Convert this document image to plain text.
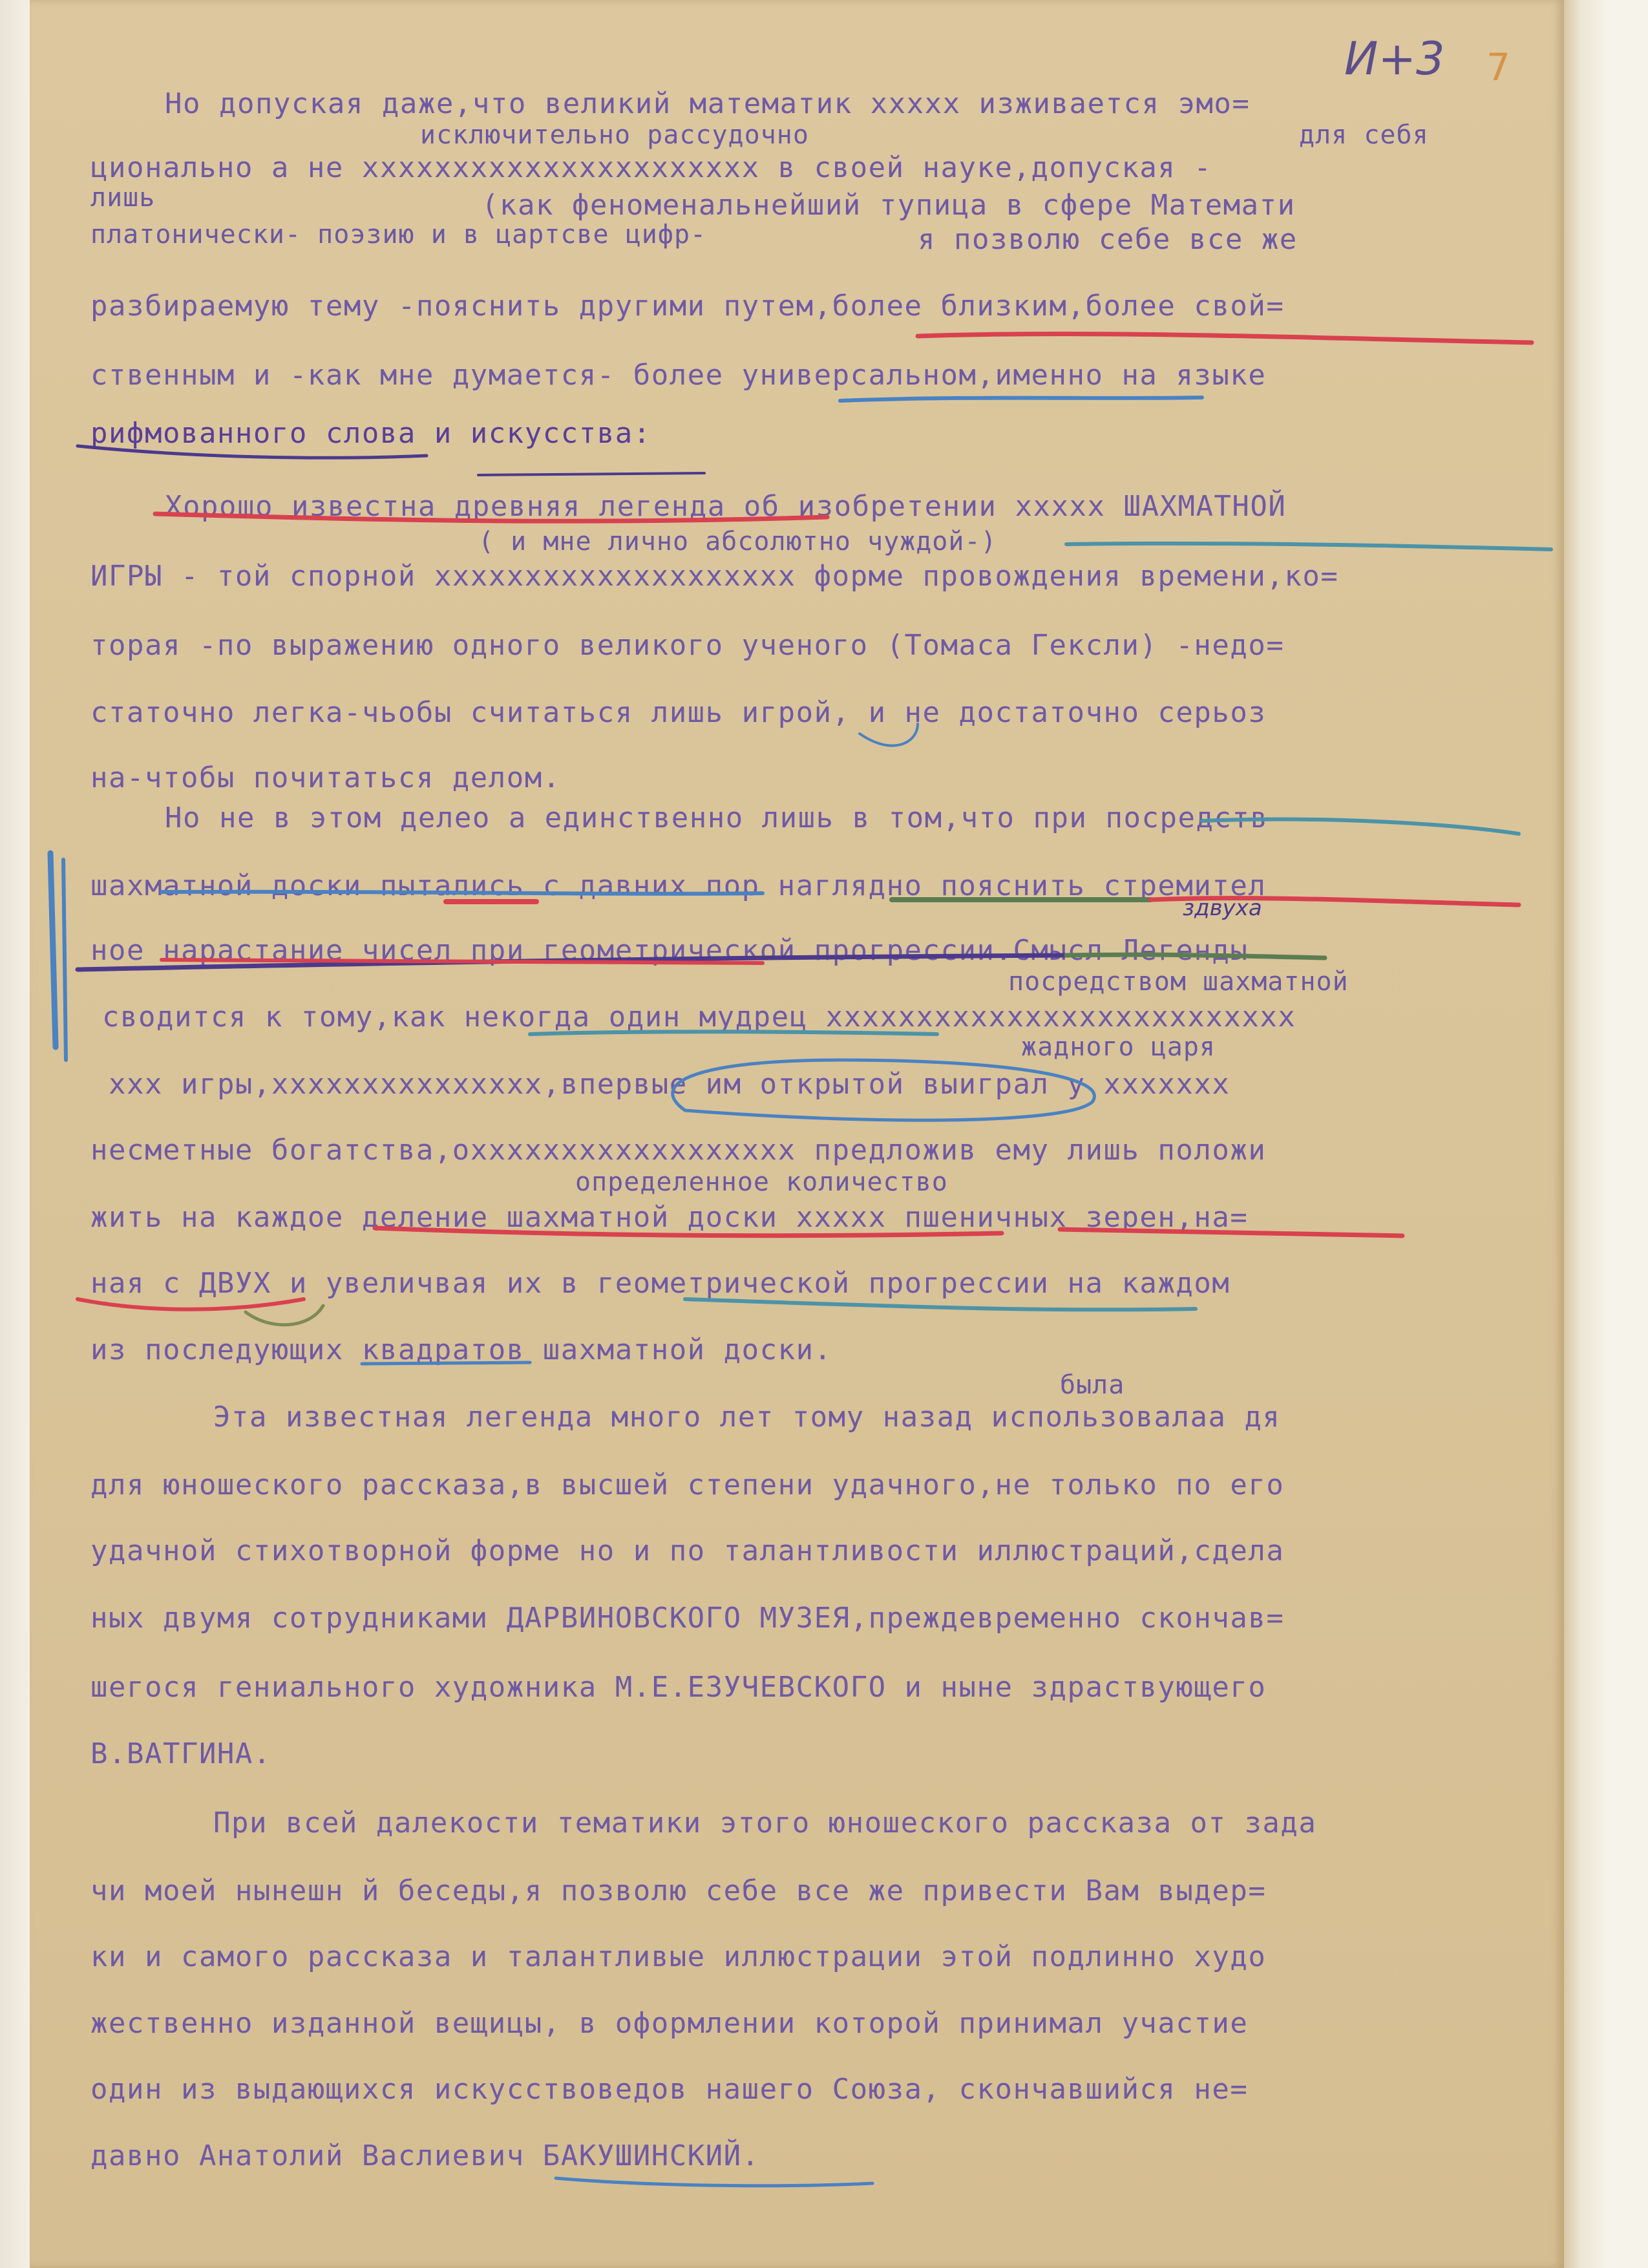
И+3 7
Но допуская даже,что великий математик xxxxx изживается эмо=
исключительно рассудочно	для себя
ционально а не xxxxxxxxxxxxxxxxxxxxxx в своей науке,допуская -
лишь	(как феноменальнейший тупица в сфере Математи
платонически- поэзию и в цартсве цифр-	я позволю себе все же
разбираемую тему -пояснить другими путем,более близким,более свой=
ственным и -как мне думается- более универсальном,именно на языке
рифмованного слова и искусства:
Хорошо известна древняя легенда об изобретении xxxxx ШАХМАТНОЙ
( и мне лично абсолютно чуждой-)
ИГРЫ - той спорной xxxxxxxxxxxxxxxxxxxx форме провождения времени,ко=
торая -по выражению одного великого ученого (Томаса Гексли) -недо=
статочно легка-чьобы считаться лишь игрой, и не достаточно серьоз
на-чтобы почитаться делом.
Но не в этом делео а единственно лишь в том,что при посредств
шахматной доски пытались с давних пор наглядно пояснить стремител
ное нарастание чисел при геометрической прогрессии.Смысл Легенды
посредством шахматной
сводится к тому,как некогда один мудрец xxxxxxxxxxxxxxxxxxxxxxxxxx
жадного царя
xxx игры,xxxxxxxxxxxxxxx,впервые им открытой выиграл у xxxxxxx
несметные богатства,оxxxxxxxxxxxxxxxxxx предложив ему лишь положи
определенное количество
жить на каждое деление шахматной доски xxxxx пшеничных зерен,на=
ная с ДВУХ и увеличвая их в геометрической прогрессии на каждом
из последующих квадратов шахматной доски.
была
Эта известная легенда много лет тому назад использовалаа дя
для юношеского рассказа,в высшей степени удачного,не только по его
удачной стихотворной форме но и по талантливости иллюстраций,сдела
ных двумя сотрудниками ДАРВИНОВСКОГО МУЗЕЯ,преждевременно скончав=
шегося гениального художника М.Е.ЕЗУЧЕВСКОГО и ныне здраствующего
В.ВАТГИНА.
При всей далекости тематики этого юношеского рассказа от зада
чи моей нынешн й беседы,я позволю себе все же привести Вам выдер=
ки и самого рассказа и талантливые иллюстрации этой подлинно худо
жественно изданной вещицы, в оформлении которой принимал участие
один из выдающихся искусствоведов нашего Союза, скончавшийся не=
давно Анатолий Васлиевич БАКУШИНСКИЙ.
здвуха
